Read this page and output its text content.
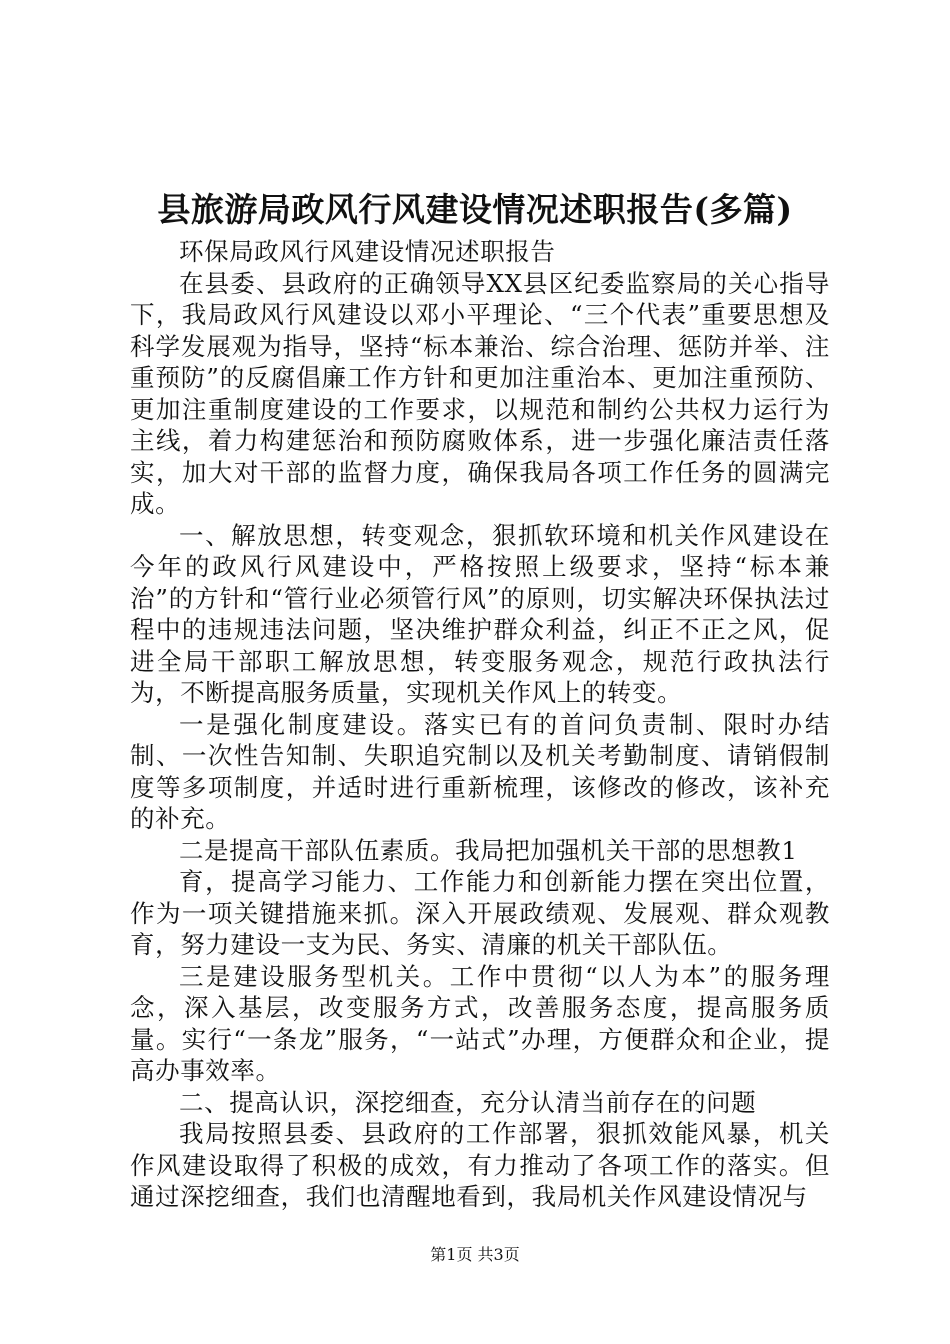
县旅游局政风行风建设情况述职报告(多篇)

环保局政风行风建设情况述职报告

在县委、县政府的正确领导XX县区纪委监察局的关心指导下，我局政风行风建设以邓小平理论、“三个代表”重要思想及科学发展观为指导，坚持“标本兼治、综合治理、惩防并举、注重预防”的反腐倡廉工作方针和更加注重治本、更加注重预防、更加注重制度建设的工作要求，以规范和制约公共权力运行为主线，着力构建惩治和预防腐败体系，进一步强化廉洁责任落实，加大对干部的监督力度，确保我局各项工作任务的圆满完成。

一、解放思想，转变观念，狠抓软环境和机关作风建设在今年的政风行风建设中，严格按照上级要求，坚持“标本兼治”的方针和“管行业必须管行风”的原则，切实解决环保执法过程中的违规违法问题，坚决维护群众利益，纠正不正之风，促进全局干部职工解放思想，转变服务观念，规范行政执法行为，不断提高服务质量，实现机关作风上的转变。

一是强化制度建设。落实已有的首问负责制、限时办结制、一次性告知制、失职追究制以及机关考勤制度、请销假制度等多项制度，并适时进行重新梳理，该修改的修改，该补充的补充。

二是提高干部队伍素质。我局把加强机关干部的思想教1

育，提高学习能力、工作能力和创新能力摆在突出位置，作为一项关键措施来抓。深入开展政绩观、发展观、群众观教育，努力建设一支为民、务实、清廉的机关干部队伍。

三是建设服务型机关。工作中贯彻“以人为本”的服务理念，深入基层，改变服务方式，改善服务态度，提高服务质量。实行“一条龙”服务，“一站式”办理，方便群众和企业，提高办事效率。

二、提高认识，深挖细查，充分认清当前存在的问题

我局按照县委、县政府的工作部署，狠抓效能风暴，机关作风建设取得了积极的成效，有力推动了各项工作的落实。但通过深挖细查，我们也清醒地看到，我局机关作风建设情况与

第1页 共3页
